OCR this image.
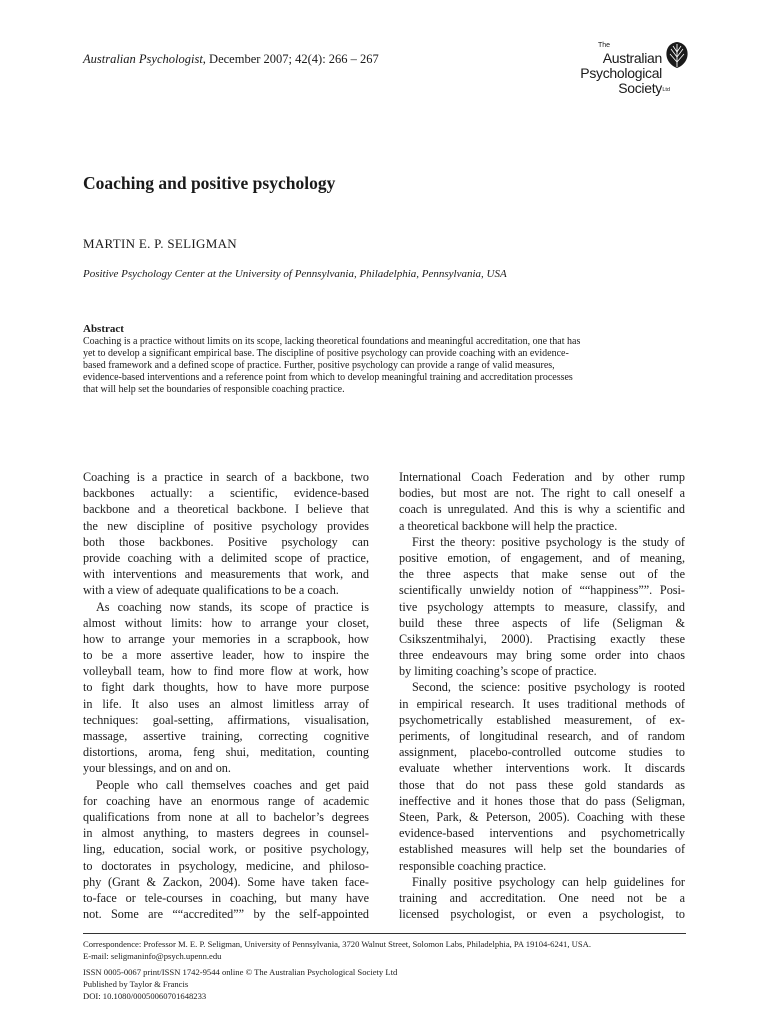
Australian Psychologist, December 2007; 42(4): 266 – 267
The
Australian
Psychological
Society Ltd
Coaching and positive psychology
MARTIN E. P. SELIGMAN
Positive Psychology Center at the University of Pennsylvania, Philadelphia, Pennsylvania, USA
Abstract
Coaching is a practice without limits on its scope, lacking theoretical foundations and meaningful accreditation, one that has
yet to develop a significant empirical base. The discipline of positive psychology can provide coaching with an evidence-
based framework and a defined scope of practice. Further, positive psychology can provide a range of valid measures,
evidence-based interventions and a reference point from which to develop meaningful training and accreditation processes
that will help set the boundaries of responsible coaching practice.
Coaching is a practice in search of a backbone, two
backbones actually: a scientific, evidence-based
backbone and a theoretical backbone. I believe that
the new discipline of positive psychology provides
both those backbones. Positive psychology can
provide coaching with a delimited scope of practice,
with interventions and measurements that work, and
with a view of adequate qualifications to be a coach.
As coaching now stands, its scope of practice is
almost without limits: how to arrange your closet,
how to arrange your memories in a scrapbook, how
to be a more assertive leader, how to inspire the
volleyball team, how to find more flow at work, how
to fight dark thoughts, how to have more purpose
in life. It also uses an almost limitless array of
techniques: goal-setting, affirmations, visualisation,
massage, assertive training, correcting cognitive
distortions, aroma, feng shui, meditation, counting
your blessings, and on and on.
People who call themselves coaches and get paid
for coaching have an enormous range of academic
qualifications from none at all to bachelor’s degrees
in almost anything, to masters degrees in counsel-
ling, education, social work, or positive psychology,
to doctorates in psychology, medicine, and philoso-
phy (Grant & Zackon, 2004). Some have taken face-
to-face or tele-courses in coaching, but many have
not. Some are ““accredited”” by the self-appointed
International Coach Federation and by other rump
bodies, but most are not. The right to call oneself a
coach is unregulated. And this is why a scientific and
a theoretical backbone will help the practice.
First the theory: positive psychology is the study of
positive emotion, of engagement, and of meaning,
the three aspects that make sense out of the
scientifically unwieldy notion of ““happiness””. Posi-
tive psychology attempts to measure, classify, and
build these three aspects of life (Seligman &
Csikszentmihalyi, 2000). Practising exactly these
three endeavours may bring some order into chaos
by limiting coaching’s scope of practice.
Second, the science: positive psychology is rooted
in empirical research. It uses traditional methods of
psychometrically established measurement, of ex-
periments, of longitudinal research, and of random
assignment, placebo-controlled outcome studies to
evaluate whether interventions work. It discards
those that do not pass these gold standards as
ineffective and it hones those that do pass (Seligman,
Steen, Park, & Peterson, 2005). Coaching with these
evidence-based interventions and psychometrically
established measures will help set the boundaries of
responsible coaching practice.
Finally positive psychology can help guidelines for
training and accreditation. One need not be a
licensed psychologist, or even a psychologist, to
Correspondence: Professor M. E. P. Seligman, University of Pennsylvania, 3720 Walnut Street, Solomon Labs, Philadelphia, PA 19104-6241, USA.
E-mail: seligmaninfo@psych.upenn.edu
ISSN 0005-0067 print/ISSN 1742-9544 online © The Australian Psychological Society Ltd
Published by Taylor & Francis
DOI: 10.1080/00050060701648233
